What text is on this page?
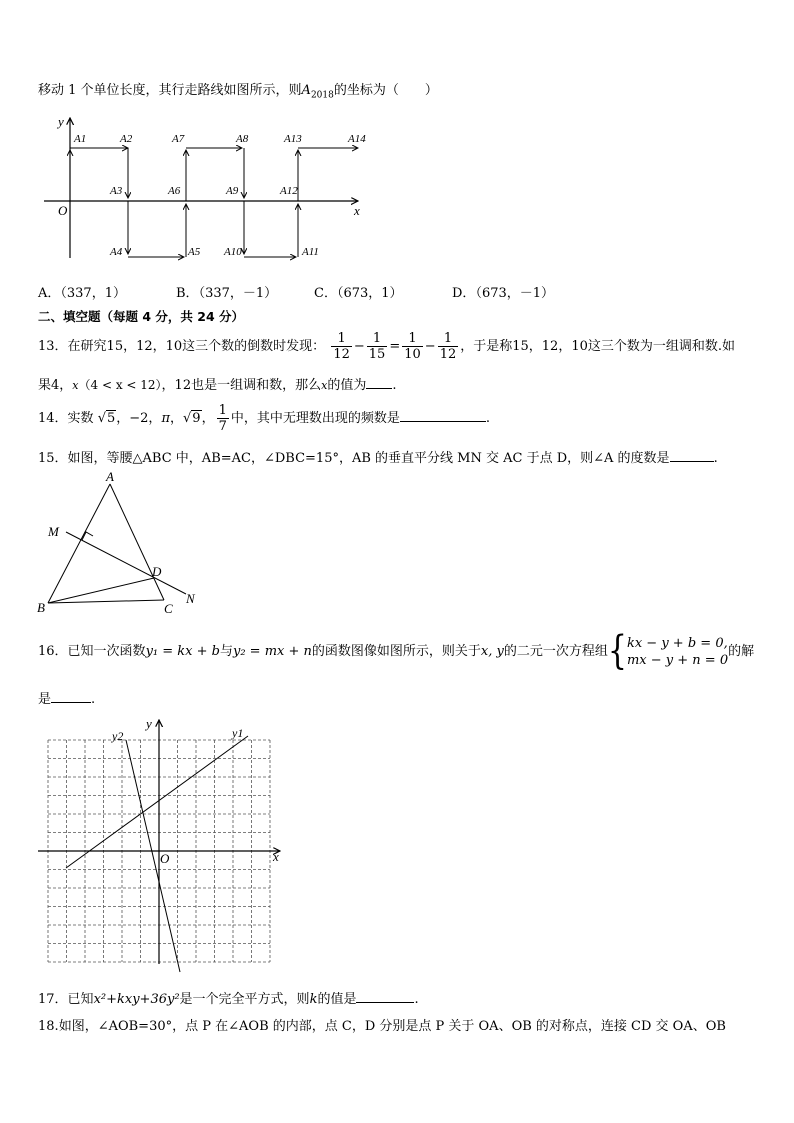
移动 1 个单位长度，其行走路线如图所示，则$A_{2018}$的坐标为（　　）
y
x
O
A1	A2
A3
A4	A5
A6
A7	A8
A9
A10	A11
A12
A13	A14
A．（337，1）	B．（337，－1）	C．（673，1）	D．（673，－1）
二、填空题（每题 4 分，共 24 分）
13．在研究15，12，10这三个数的倒数时发现： $\frac{1}{12} - \frac{1}{15} = \frac{1}{10} - \frac{1}{12}$ ，于是称15，12，10这三个数为一组调和数.如
果4，x（4 < x < 12），12也是一组调和数，那么x的值为 .
14．实数 √5，−2，π，√9， $\frac{1}{7}$ 中，其中无理数出现的频数是	.
15．如图，等腰△ABC 中，AB=AC，∠DBC=15°，AB 的垂直平分线 MN 交 AC 于点 D，则∠A 的度数是	.
A
M
D
B	C
N
16．已知一次函数y₁ = kx + b与y₂ = mx + n的函数图像如图所示，则关于x, y的二元一次方程组{kx − y + b = 0,
mx − y + n = 0的解
是	.
y
x
O
y1
y2
17．已知x²+kxy+36y²是一个完全平方式，则k的值是	.
18.如图，∠AOB=30°，点 P 在∠AOB 的内部，点 C，D 分别是点 P 关于 OA、OB 的对称点，连接 CD 交 OA、OB
